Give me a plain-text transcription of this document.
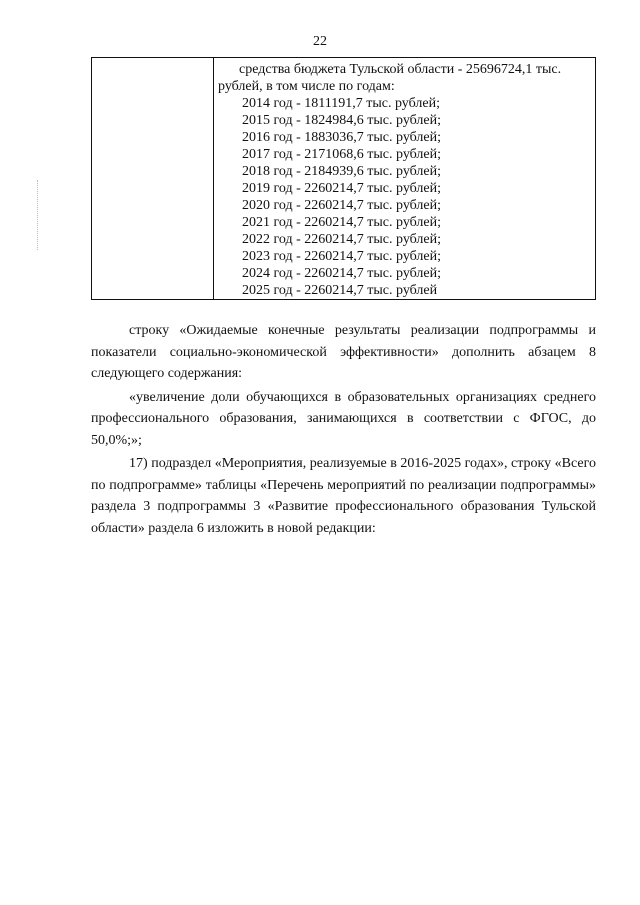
22

средства бюджета Тульской области - 25696724,1 тыс. рублей, в том числе по годам:
2014 год - 1811191,7 тыс. рублей;
2015 год - 1824984,6 тыс. рублей;
2016 год - 1883036,7 тыс. рублей;
2017 год - 2171068,6 тыс. рублей;
2018 год - 2184939,6 тыс. рублей;
2019 год - 2260214,7 тыс. рублей;
2020 год - 2260214,7 тыс. рублей;
2021 год - 2260214,7 тыс. рублей;
2022 год - 2260214,7 тыс. рублей;
2023 год - 2260214,7 тыс. рублей;
2024 год - 2260214,7 тыс. рублей;
2025 год - 2260214,7 тыс. рублей

строку «Ожидаемые конечные результаты реализации подпрограммы и показатели социально-экономической эффективности» дополнить абзацем 8 следующего содержания:

«увеличение доли обучающихся в образовательных организациях среднего профессионального образования, занимающихся в соответствии с ФГОС, до 50,0%;»;

17) подраздел «Мероприятия, реализуемые в 2016-2025 годах», строку «Всего по подпрограмме» таблицы «Перечень мероприятий по реализации подпрограммы» раздела 3 подпрограммы 3 «Развитие профессионального образования Тульской области» раздела 6 изложить в новой редакции:
